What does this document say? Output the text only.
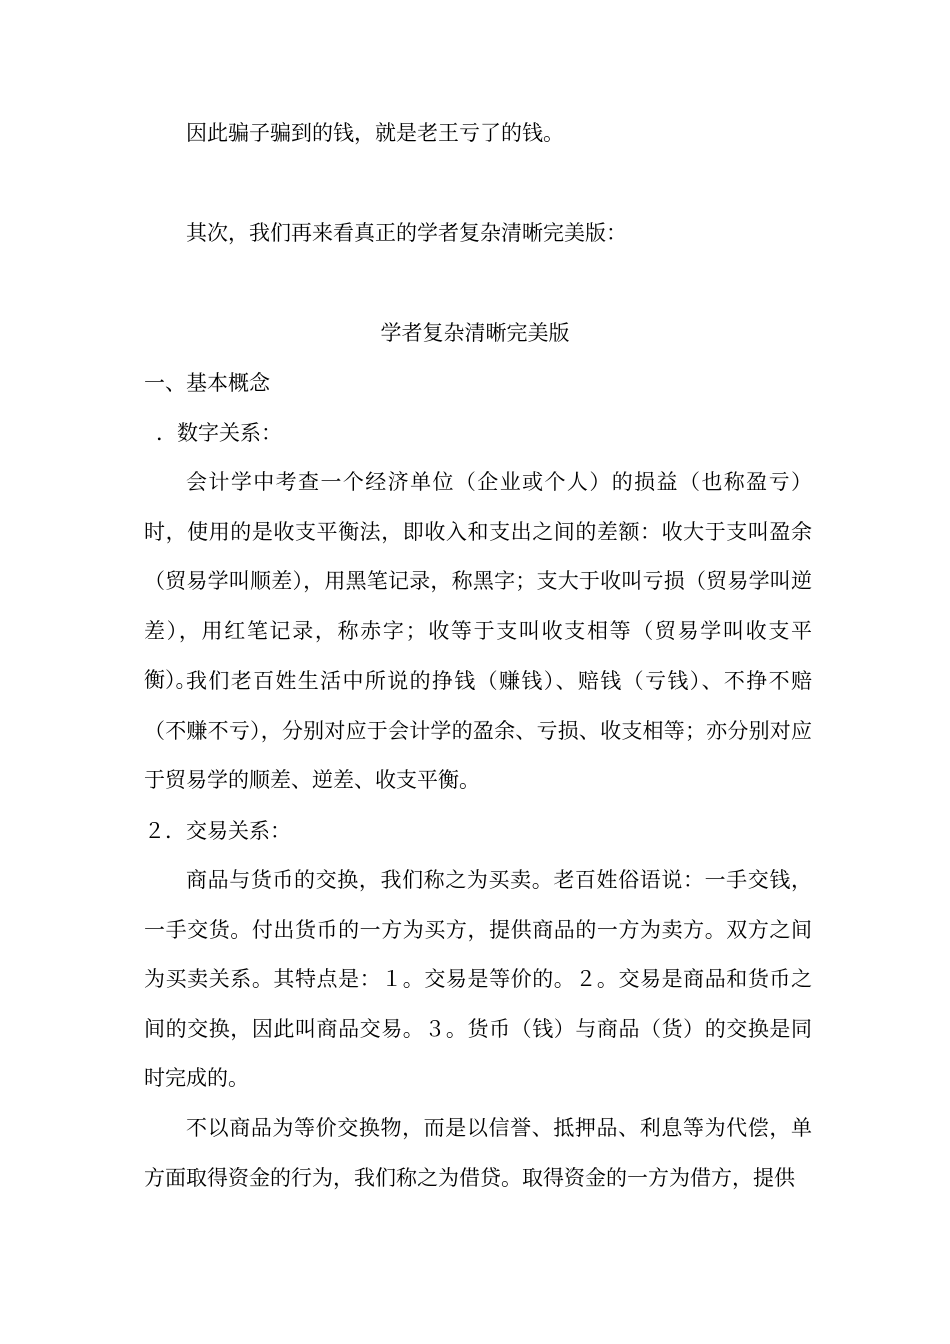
因此骗子骗到的钱，就是老王亏了的钱。
其次，我们再来看真正的学者复杂清晰完美版：
学者复杂清晰完美版
一、基本概念
．数字关系：
会计学中考查一个经济单位（企业或个人）的损益（也称盈亏）时，使用的是收支平衡法，即收入和支出之间的差额：收大于支叫盈余（贸易学叫顺差），用黑笔记录，称黑字；支大于收叫亏损（贸易学叫逆差），用红笔记录，称赤字；收等于支叫收支相等（贸易学叫收支平衡）。
我们老百姓生活中所说的挣钱（赚钱）、赔钱（亏钱）、不挣不赔（不赚不亏），分别对应于会计学的盈余、亏损、收支相等；亦分别对应于贸易学的顺差、逆差、收支平衡。
２．交易关系：
商品与货币的交换，我们称之为买卖。老百姓俗语说：一手交钱，一手交货。付出货币的一方为买方，提供商品的一方为卖方。双方之间为买卖关系。其特点是：１。交易是等价的。２。交易是商品和货币之间的交换，因此叫商品交易。３。货币（钱）与商品（货）的交换是同时完成的。
不以商品为等价交换物，而是以信誉、抵押品、利息等为代偿，单方面取得资金的行为，我们称之为借贷。取得资金的一方为借方，提供
